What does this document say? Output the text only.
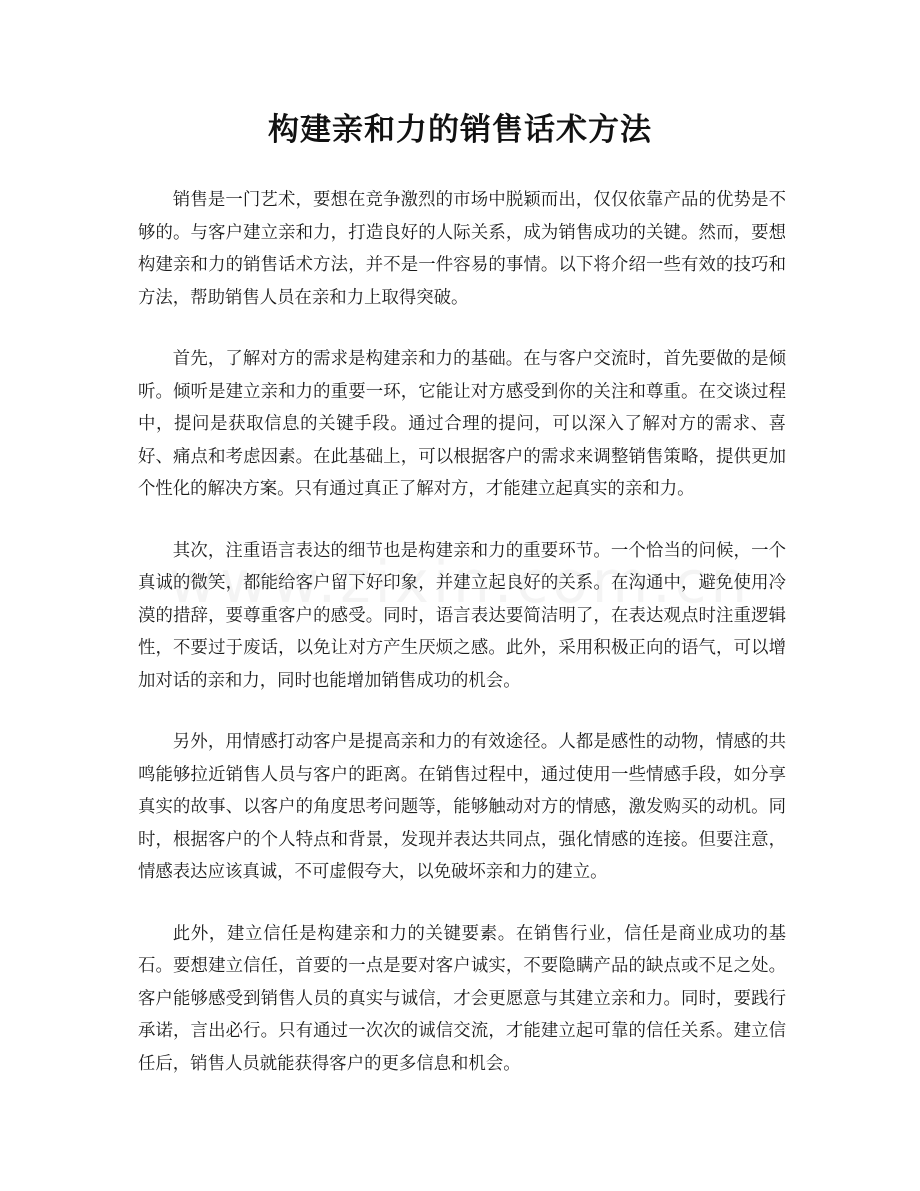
构建亲和力的销售话术方法

销售是一门艺术，要想在竞争激烈的市场中脱颖而出，仅仅依靠产品的优势是不够的。与客户建立亲和力，打造良好的人际关系，成为销售成功的关键。然而，要想构建亲和力的销售话术方法，并不是一件容易的事情。以下将介绍一些有效的技巧和方法，帮助销售人员在亲和力上取得突破。

首先，了解对方的需求是构建亲和力的基础。在与客户交流时，首先要做的是倾听。倾听是建立亲和力的重要一环，它能让对方感受到你的关注和尊重。在交谈过程中，提问是获取信息的关键手段。通过合理的提问，可以深入了解对方的需求、喜好、痛点和考虑因素。在此基础上，可以根据客户的需求来调整销售策略，提供更加个性化的解决方案。只有通过真正了解对方，才能建立起真实的亲和力。

其次，注重语言表达的细节也是构建亲和力的重要环节。一个恰当的问候，一个真诚的微笑，都能给客户留下好印象，并建立起良好的关系。在沟通中，避免使用冷漠的措辞，要尊重客户的感受。同时，语言表达要简洁明了，在表达观点时注重逻辑性，不要过于废话，以免让对方产生厌烦之感。此外，采用积极正向的语气，可以增加对话的亲和力，同时也能增加销售成功的机会。

另外，用情感打动客户是提高亲和力的有效途径。人都是感性的动物，情感的共鸣能够拉近销售人员与客户的距离。在销售过程中，通过使用一些情感手段，如分享真实的故事、以客户的角度思考问题等，能够触动对方的情感，激发购买的动机。同时，根据客户的个人特点和背景，发现并表达共同点，强化情感的连接。但要注意，情感表达应该真诚，不可虚假夸大，以免破坏亲和力的建立。

此外，建立信任是构建亲和力的关键要素。在销售行业，信任是商业成功的基石。要想建立信任，首要的一点是要对客户诚实，不要隐瞒产品的缺点或不足之处。客户能够感受到销售人员的真实与诚信，才会更愿意与其建立亲和力。同时，要践行承诺，言出必行。只有通过一次次的诚信交流，才能建立起可靠的信任关系。建立信任后，销售人员就能获得客户的更多信息和机会。
